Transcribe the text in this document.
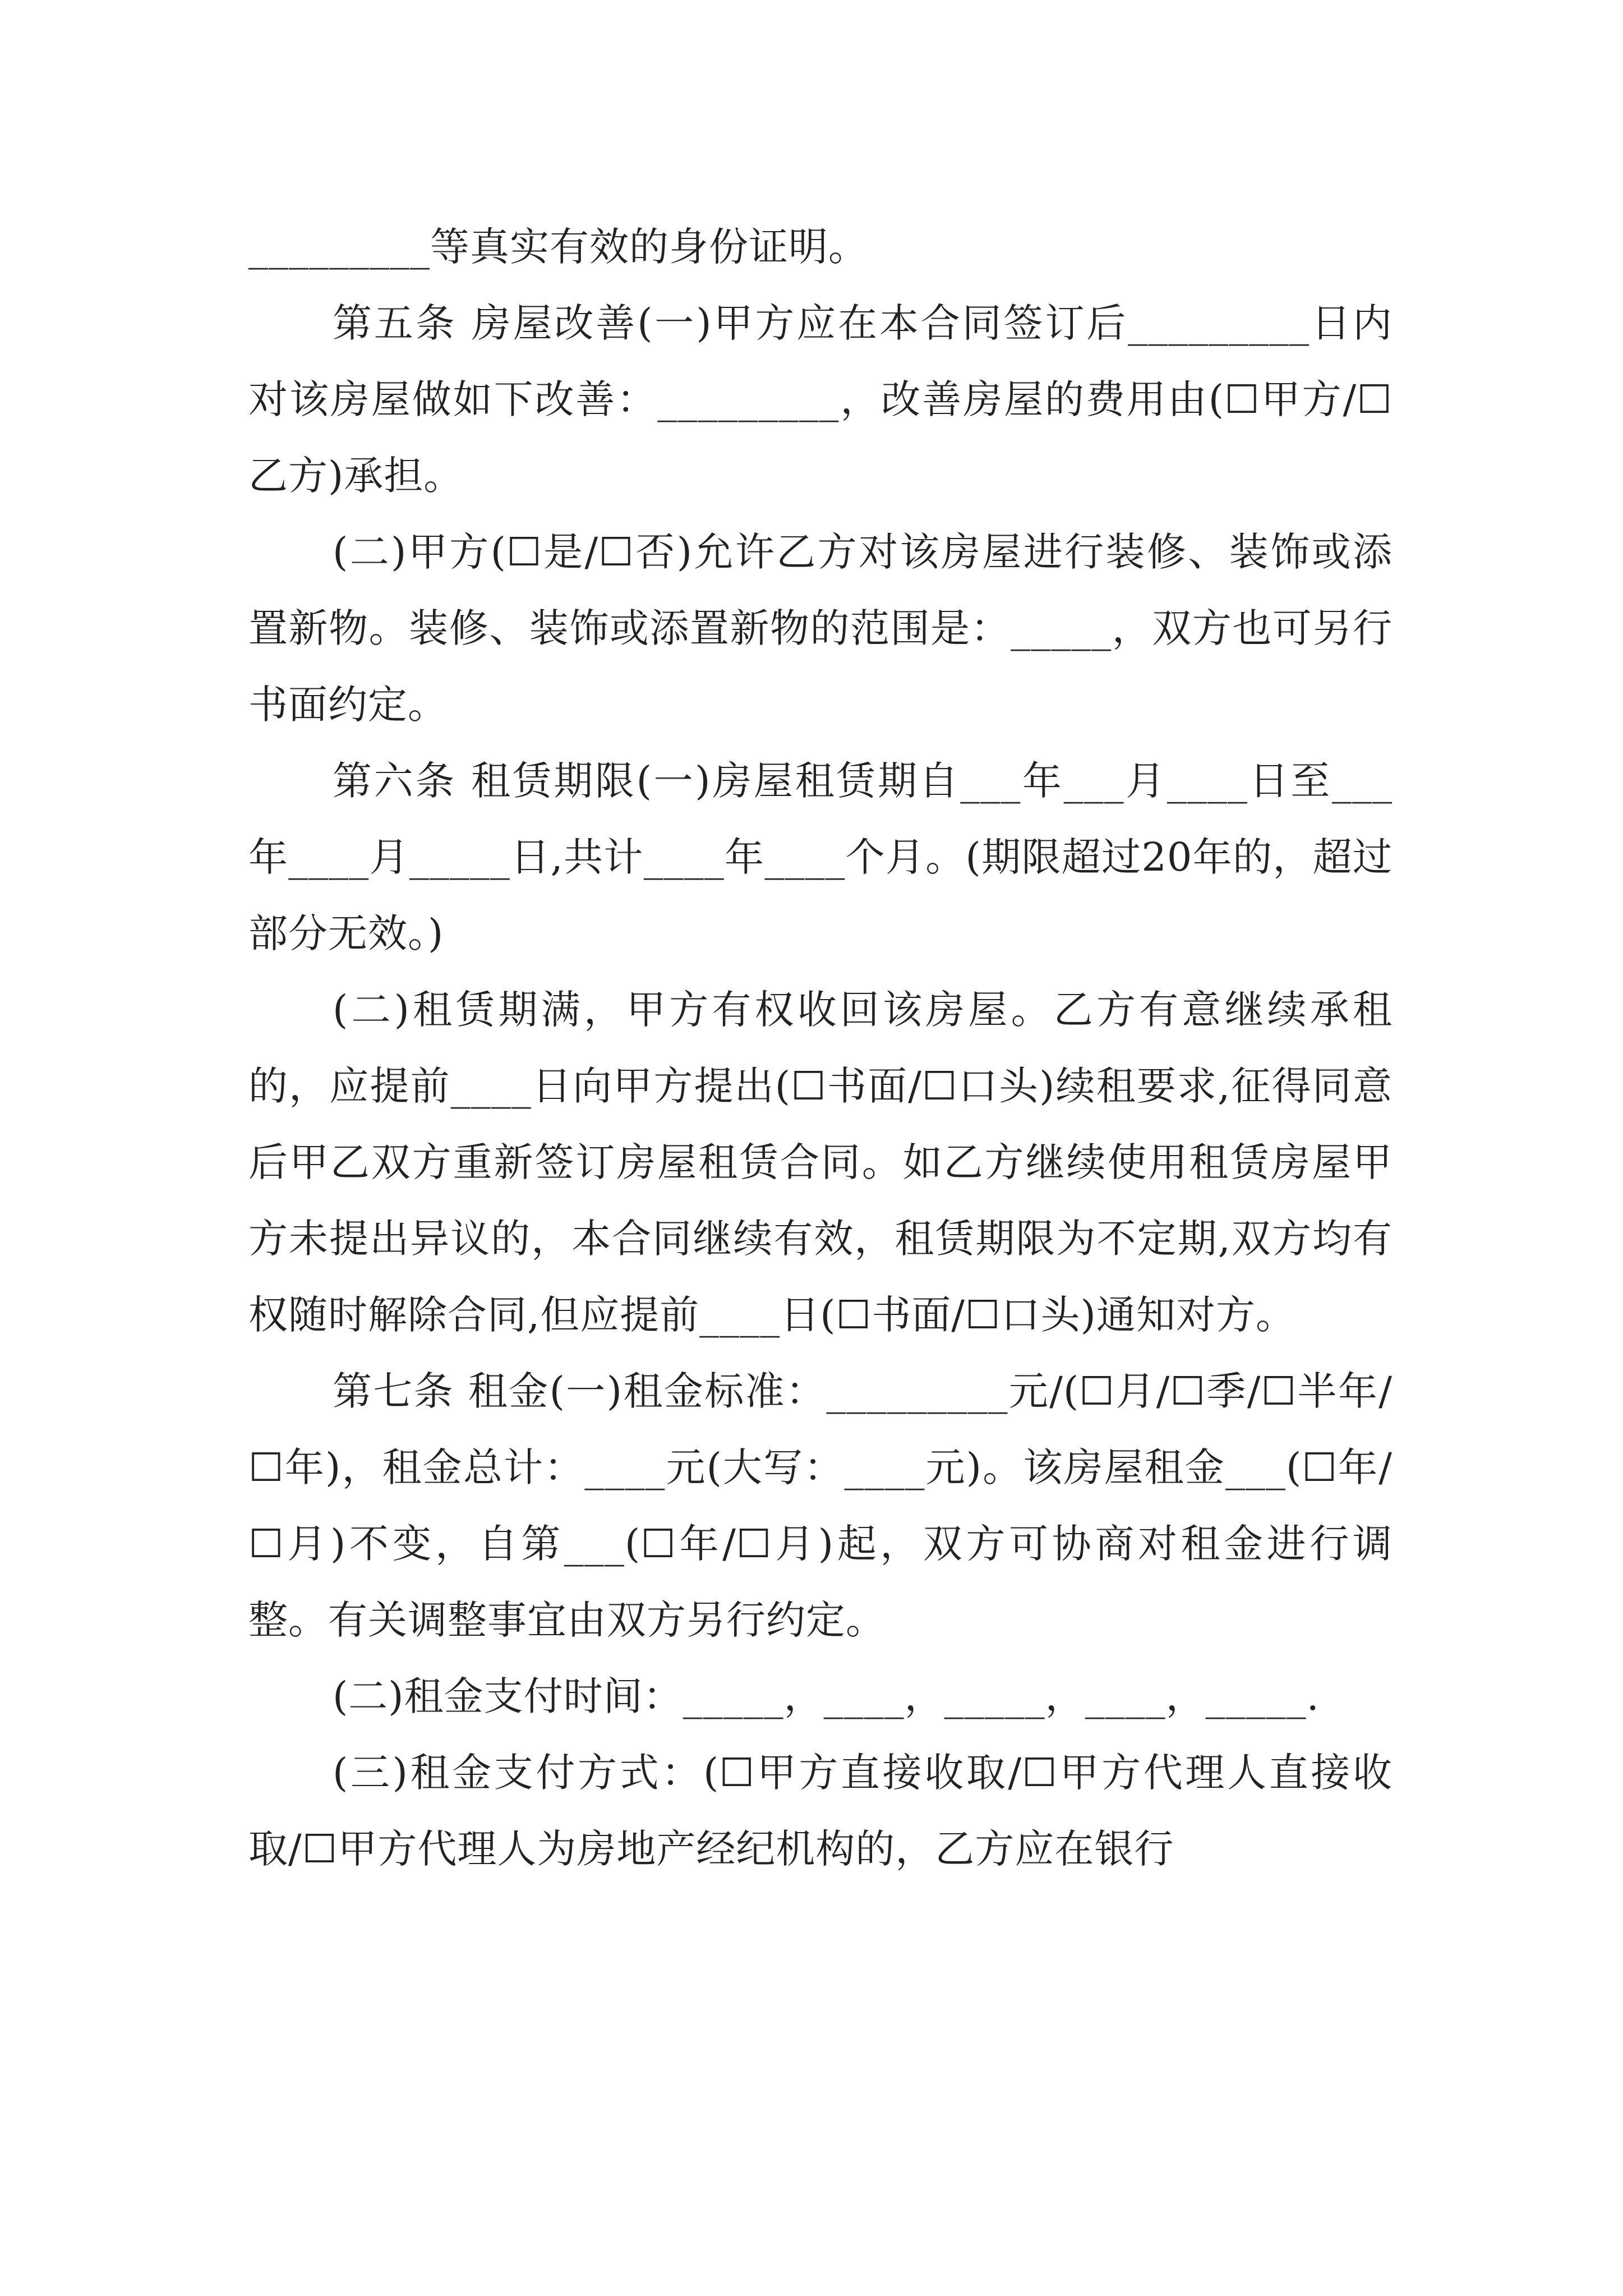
_________等真实有效的身份证明。

第五条 房屋改善(一)甲方应在本合同签订后_________日内对该房屋做如下改善：_________，改善房屋的费用由(☐甲方/☐乙方)承担。

(二)甲方(☐是/☐否)允许乙方对该房屋进行装修、装饰或添置新物。装修、装饰或添置新物的范围是：_____，双方也可另行书面约定。

第六条 租赁期限(一)房屋租赁期自___年___月____日至___年____月_____日,共计____年____个月。(期限超过20年的，超过部分无效。)

(二)租赁期满，甲方有权收回该房屋。乙方有意继续承租的，应提前____日向甲方提出(☐书面/☐口头)续租要求,征得同意后甲乙双方重新签订房屋租赁合同。如乙方继续使用租赁房屋甲方未提出异议的，本合同继续有效，租赁期限为不定期,双方均有权随时解除合同,但应提前____日(☐书面/☐口头)通知对方。

第七条 租金(一)租金标准：_________元/(☐月/☐季/☐半年/☐年)，租金总计：____元(大写：____元)。该房屋租金___(☐年/☐月)不变，自第___(☐年/☐月)起，双方可协商对租金进行调整。有关调整事宜由双方另行约定。

(二)租金支付时间：_____，____，_____，____，_____.

(三)租金支付方式：(☐甲方直接收取/☐甲方代理人直接收取/☐甲方代理人为房地产经纪机构的，乙方应在银行
